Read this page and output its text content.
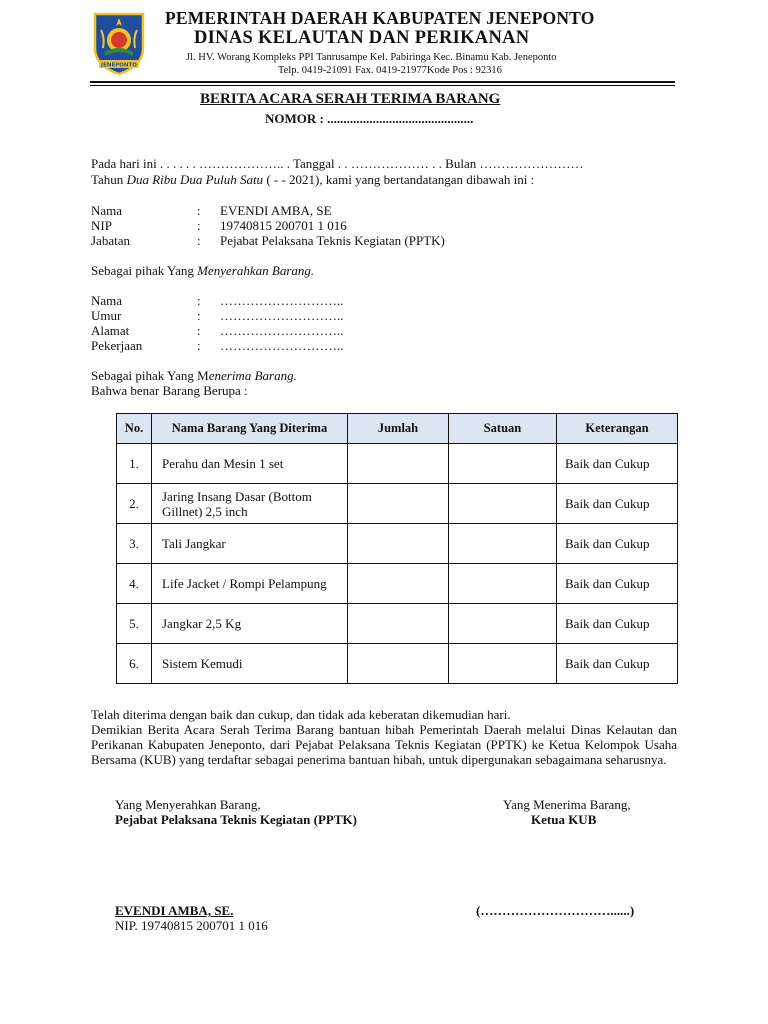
JENEPONTO
PEMERINTAH DAERAH KABUPATEN JENEPONTO
DINAS KELAUTAN DAN PERIKANAN
Jl. HV. Worang Kompleks PPI Tanrusampe Kel. Pabiringa Kec. Binamu Kab. Jeneponto
Telp. 0419-21091 Fax. 0419-21977Kode Pos : 92316
BERITA ACARA SERAH TERIMA BARANG
NOMOR : .............................................
Pada hari ini . . . . . . ……………….. . Tanggal . . ……………… . . Bulan ……………………
Tahun Dua Ribu Dua Puluh Satu ( - - 2021), kami yang bertandatangan dibawah ini :
Nama	: EVENDI AMBA, SE
NIP	: 19740815 200701 1 016
Jabatan	: Pejabat Pelaksana Teknis Kegiatan (PPTK)
Sebagai pihak Yang Menyerahkan Barang.
Nama	: ………………………..
Umur	: ………………………..
Alamat	: ………………………..
Pekerjaan	: ………………………..
Sebagai pihak Yang Menerima Barang.
Bahwa benar Barang Berupa :
No.	Nama Barang Yang Diterima	Jumlah	Satuan	Keterangan
1.	Perahu dan Mesin 1 set			Baik dan Cukup
2.	Jaring Insang Dasar (Bottom Gillnet) 2,5 inch			Baik dan Cukup
3.	Tali Jangkar			Baik dan Cukup
4.	Life Jacket / Rompi Pelampung			Baik dan Cukup
5.	Jangkar 2,5 Kg			Baik dan Cukup
6.	Sistem Kemudi			Baik dan Cukup
Telah diterima dengan baik dan cukup, dan tidak ada keberatan dikemudian hari.
Demikian Berita Acara Serah Terima Barang bantuan hibah Pemerintah Daerah melalui Dinas Kelautan dan Perikanan Kabupaten Jeneponto, dari Pejabat Pelaksana Teknis Kegiatan (PPTK) ke Ketua Kelompok Usaha Bersama (KUB) yang terdaftar sebagai penerima bantuan hibah, untuk dipergunakan sebagaimana seharusnya.
Yang Menyerahkan Barang,
Pejabat Pelaksana Teknis Kegiatan (PPTK)
Yang Menerima Barang,
Ketua KUB
EVENDI AMBA, SE.
NIP. 19740815 200701 1 016
(…………………………......)
